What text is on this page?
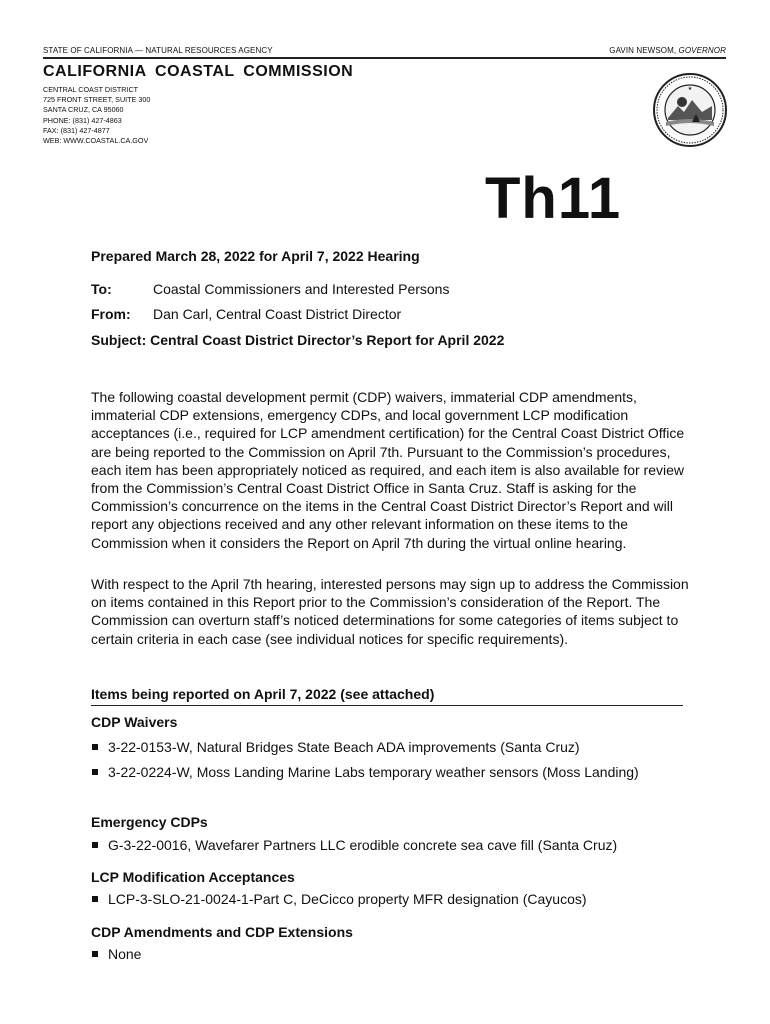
STATE OF CALIFORNIA — NATURAL RESOURCES AGENCY	GAVIN NEWSOM, GOVERNOR
CALIFORNIA COASTAL COMMISSION
CENTRAL COAST DISTRICT
725 FRONT STREET, SUITE 300
SANTA CRUZ, CA 95060
PHONE: (831) 427-4863
FAX: (831) 427-4877
WEB: WWW.COASTAL.CA.GOV
★
Th11
Prepared March 28, 2022 for April 7, 2022 Hearing
To:	Coastal Commissioners and Interested Persons
From: Dan Carl, Central Coast District Director
Subject: Central Coast District Director’s Report for April 2022
The following coastal development permit (CDP) waivers, immaterial CDP amendments, immaterial CDP extensions, emergency CDPs, and local government LCP modification acceptances (i.e., required for LCP amendment certification) for the Central Coast District Office are being reported to the Commission on April 7th. Pursuant to the Commission’s procedures, each item has been appropriately noticed as required, and each item is also available for review from the Commission’s Central Coast District Office in Santa Cruz. Staff is asking for the Commission’s concurrence on the items in the Central Coast District Director’s Report and will report any objections received and any other relevant information on these items to the Commission when it considers the Report on April 7th during the virtual online hearing.
With respect to the April 7th hearing, interested persons may sign up to address the Commission on items contained in this Report prior to the Commission’s consideration of the Report. The Commission can overturn staff’s noticed determinations for some categories of items subject to certain criteria in each case (see individual notices for specific requirements).
Items being reported on April 7, 2022 (see attached)
CDP Waivers
3-22-0153-W, Natural Bridges State Beach ADA improvements (Santa Cruz)
3-22-0224-W, Moss Landing Marine Labs temporary weather sensors (Moss Landing)
Emergency CDPs
G-3-22-0016, Wavefarer Partners LLC erodible concrete sea cave fill (Santa Cruz)
LCP Modification Acceptances
LCP-3-SLO-21-0024-1-Part C, DeCicco property MFR designation (Cayucos)
CDP Amendments and CDP Extensions
None
